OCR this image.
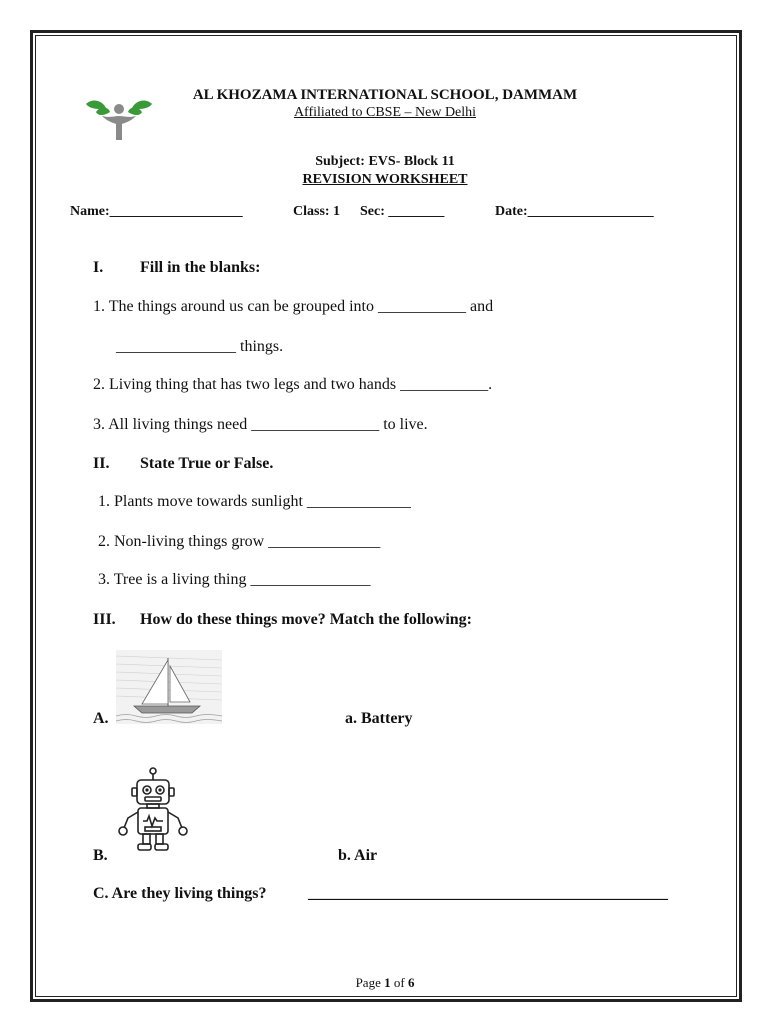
AL KHOZAMA INTERNATIONAL SCHOOL, DAMMAM
Affiliated to CBSE – New Delhi
Subject: EVS- Block 11
REVISION WORKSHEET
Name:___________________	Class: 1 Sec: ________	Date:__________________
I. Fill in the blanks:
1. The things around us can be grouped into ___________ and
_______________ things.
2. Living thing that has two legs and two hands ___________.
3. All living things need ________________ to live.
II. State True or False.
1. Plants move towards sunlight _____________
2. Non-living things grow ______________
3. Tree is a living thing _______________
III. How do these things move? Match the following:
A.	a. Battery
B.	b. Air
C. Are they living things?	_____________________________________________
Page 1 of 6
